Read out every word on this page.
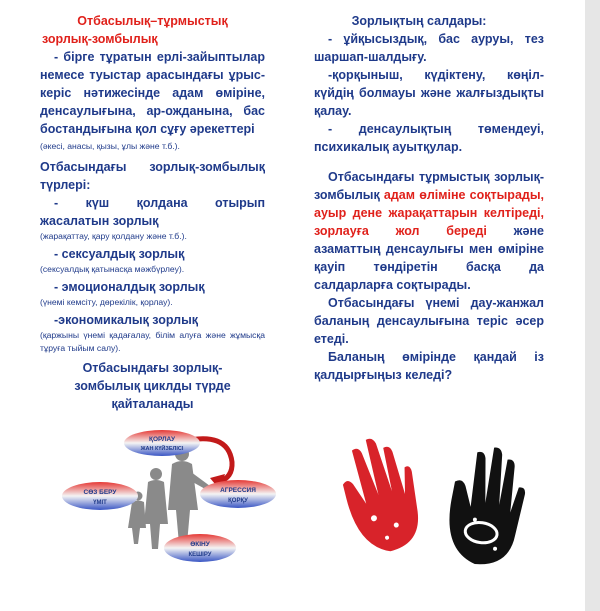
Отбасылық–тұрмыстық

зорлық-зомбылық

- бірге тұратын ерлі-зайыптылар немесе туыстар арасындағы ұрыс-керіс нәтижесінде адам өміріне, денсаулығына, ар-ожданына, бас бостандығына қол сұғу әрекеттері

(әкесі, анасы, қызы, ұлы және т.б.).

Отбасындағы зорлық-зомбылық түрлері:

- күш қолдана отырып жасалатын зорлық

(жарақаттау, қару қолдану және т.б.).

- сексуалдық зорлық

(сексуалдық қатынасқа мәжбүрлеу).

- эмоционалдық зорлық

(үнемі кемсіту, дөрекілік, қорлау).

-экономикалық зорлық

(қаржыны үнемі қадағалау, білім алуға және жұмысқа тұруға тыйым салу).

Отбасындағы зорлық-зомбылық циклды түрде қайталанады

ҚОРЛАУ
ЖАН КҮЙЗЕЛІСІ
СӨЗ БЕРУ
ҮМІТ
АГРЕССИЯ
ҚОРҚУ
ӨКІНУ
КЕШІРУ

Зорлықтың салдары:

- ұйқысыздық, бас ауруы, тез шаршап-шалдығу.

-қорқыныш, күдіктену, көңіл-күйдің болмауы және жалғыздықты қалау.

- денсаулықтың төмендеуі, психикалық ауытқулар.

Отбасындағы тұрмыстық зорлық-зомбылық адам өліміне соқтырады, ауыр дене жарақаттарын келтіреді, зорлауға жол береді және азаматтың денсаулығы мен өміріне қауіп төндіретін басқа да салдарларға соқтырады.

Отбасындағы үнемі дау-жанжал баланың денсаулығына теріс әсер етеді.

Баланың өмірінде қандай із қалдырғыңыз келеді?
